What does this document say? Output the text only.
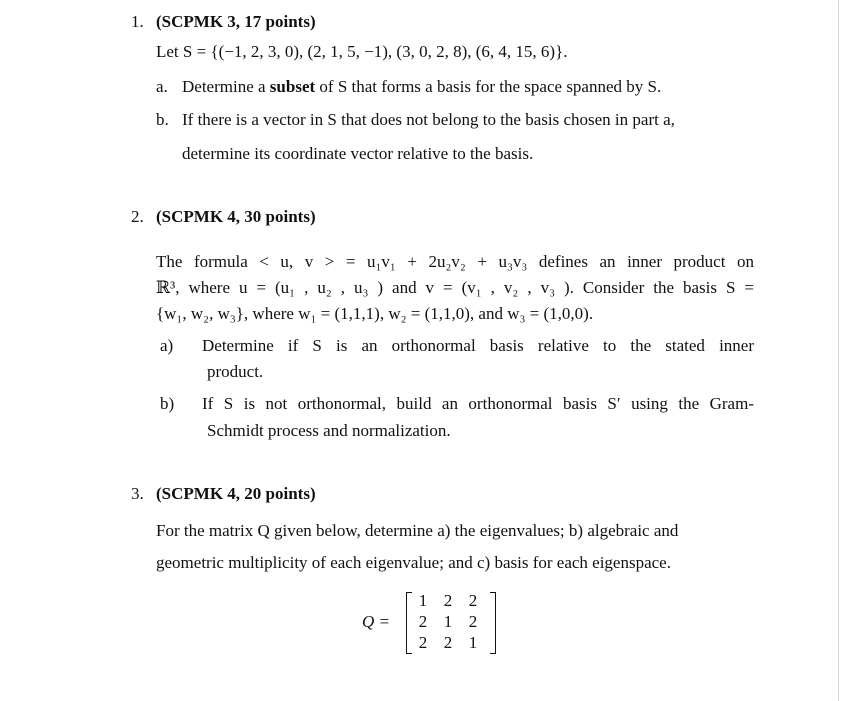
1. (SCPMK 3, 17 points)
Let S = {(−1, 2, 3, 0), (2, 1, 5, −1), (3, 0, 2, 8), (6, 4, 15, 6)}.
a. Determine a subset of S that forms a basis for the space spanned by S.
b. If there is a vector in S that does not belong to the basis chosen in part a,
determine its coordinate vector relative to the basis.
2. (SCPMK 4, 30 points)
The formula < u, v > = u₁v₁ + 2u₂v₂ + u₃v₃ defines an inner product on
ℝ³, where u = (u₁ , u₂ , u₃ ) and v = (v₁ , v₂ , v₃ ). Consider the basis S =
{w₁, w₂, w₃}, where w₁ = (1,1,1), w₂ = (1,1,0), and w₃ = (1,0,0).
a) Determine if S is an orthonormal basis relative to the stated inner
product.
b) If S is not orthonormal, build an orthonormal basis S′ using the Gram-
Schmidt process and normalization.
3. (SCPMK 4, 20 points)
For the matrix Q given below, determine a) the eigenvalues; b) algebraic and
geometric multiplicity of each eigenvalue; and c) basis for each eigenspace.
Q =
1 2 2
2 1 2
2 2 1
